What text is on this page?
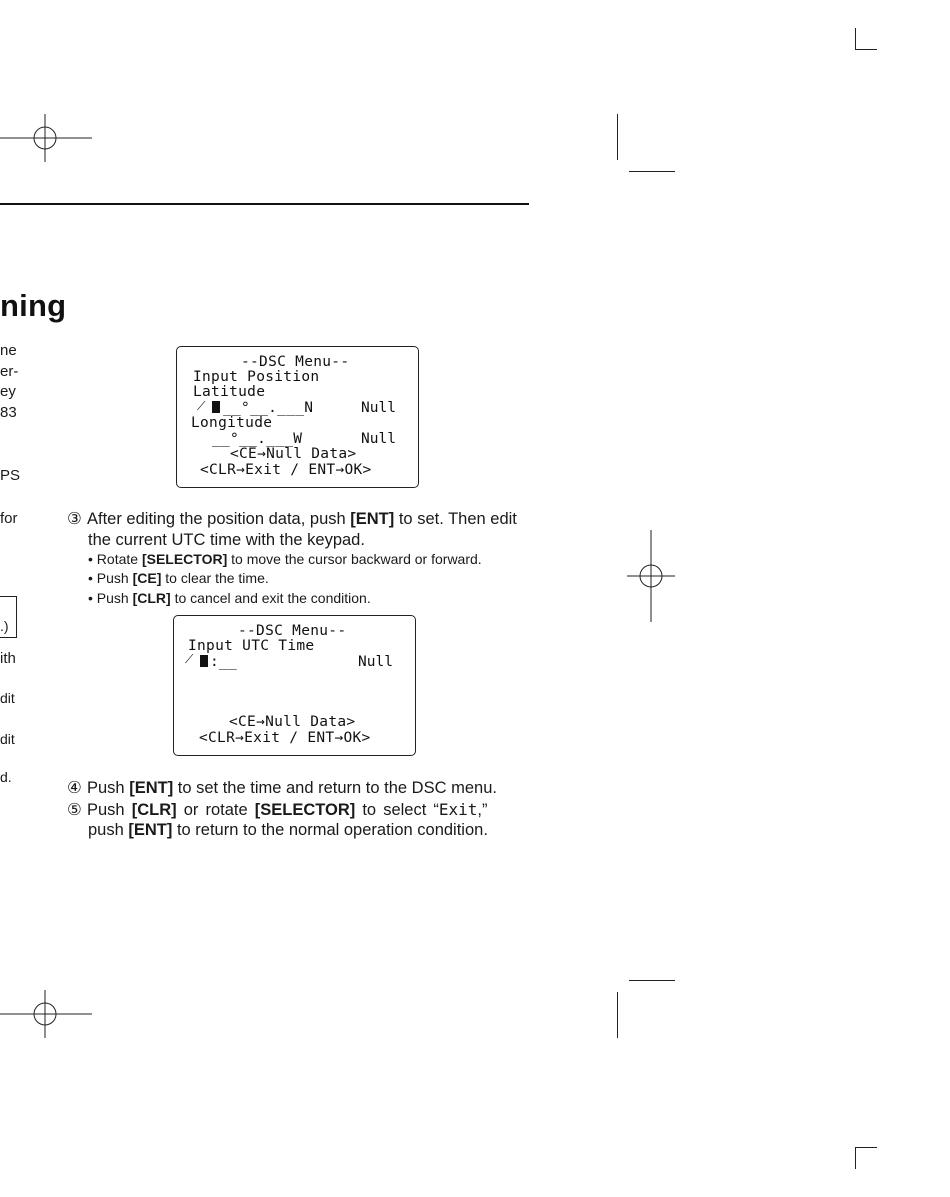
ning
ne
er-
ey
83
PS
for
.)
ith
dit
dit
d.
--DSC Menu--
Input Position
Latitude
⟋ __°__.___N	Null
Longitude
__°__.___W	Null
<CE→Null Data>
<CLR→Exit / ENT→OK>
③ After editing the position data, push [ENT] to set. Then edit
the current UTC time with the keypad.
• Rotate [SELECTOR] to move the cursor backward or forward.
• Push [CE] to clear the time.
• Push [CLR] to cancel and exit the condition.
--DSC Menu--
Input UTC Time
⟋ :__	Null
<CE→Null Data>
<CLR→Exit / ENT→OK>
④ Push [ENT] to set the time and return to the DSC menu.
⑤ Push [CLR] or rotate [SELECTOR] to select “Exit,”
push [ENT] to return to the normal operation condition.
